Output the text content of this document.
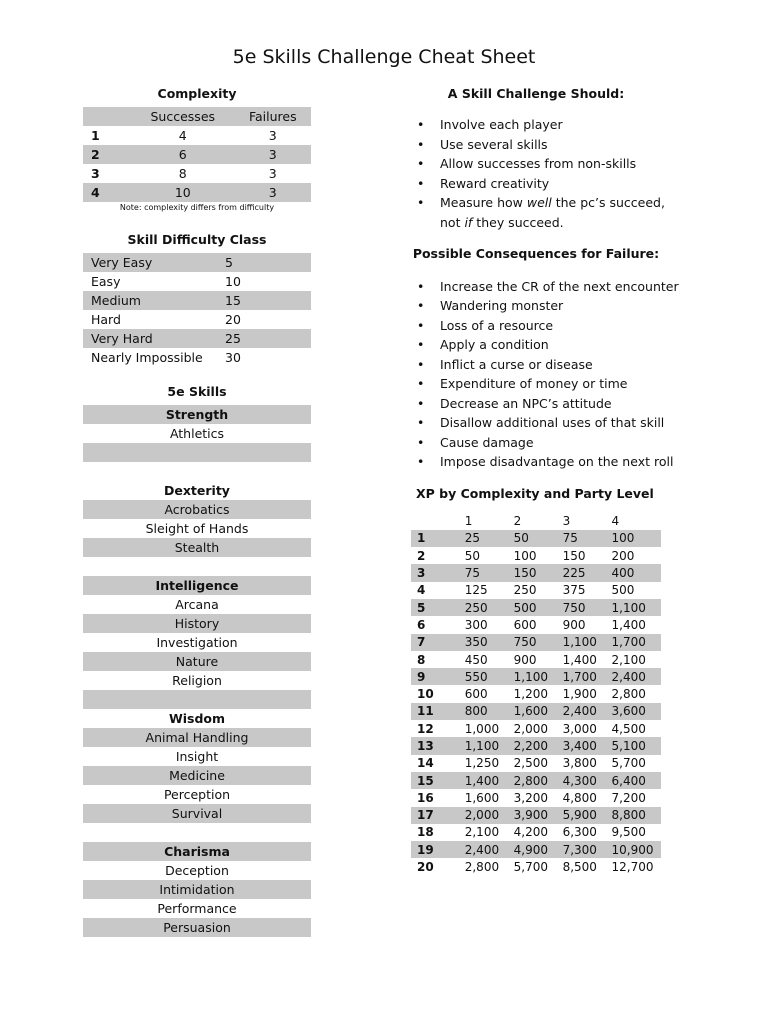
5e Skills Challenge Cheat Sheet
Complexity
	Successes	Failures
1	4	3
2	6	3
3	8	3
4	10	3
Note: complexity differs from difficulty
Skill Difficulty Class
Very Easy	5
Easy	10
Medium	15
Hard	20
Very Hard	25
Nearly Impossible	30
5e Skills
Strength
Athletics
Dexterity
Acrobatics
Sleight of Hands
Stealth
Intelligence
Arcana
History
Investigation
Nature
Religion
Wisdom
Animal Handling
Insight
Medicine
Perception
Survival
Charisma
Deception
Intimidation
Performance
Persuasion
A Skill Challenge Should:
• Involve each player
• Use several skills
• Allow successes from non-skills
• Reward creativity
• Measure how well the pc’s succeed,
not if they succeed.
Possible Consequences for Failure:
• Increase the CR of the next encounter
• Wandering monster
• Loss of a resource
• Apply a condition
• Inflict a curse or disease
• Expenditure of money or time
• Decrease an NPC’s attitude
• Disallow additional uses of that skill
• Cause damage
• Impose disadvantage on the next roll
XP by Complexity and Party Level
	1	2	3	4
1	25	50	75	100
2	50	100	150	200
3	75	150	225	400
4	125	250	375	500
5	250	500	750	1,100
6	300	600	900	1,400
7	350	750	1,100	1,700
8	450	900	1,400	2,100
9	550	1,100	1,700	2,400
10	600	1,200	1,900	2,800
11	800	1,600	2,400	3,600
12	1,000	2,000	3,000	4,500
13	1,100	2,200	3,400	5,100
14	1,250	2,500	3,800	5,700
15	1,400	2,800	4,300	6,400
16	1,600	3,200	4,800	7,200
17	2,000	3,900	5,900	8,800
18	2,100	4,200	6,300	9,500
19	2,400	4,900	7,300	10,900
20	2,800	5,700	8,500	12,700
